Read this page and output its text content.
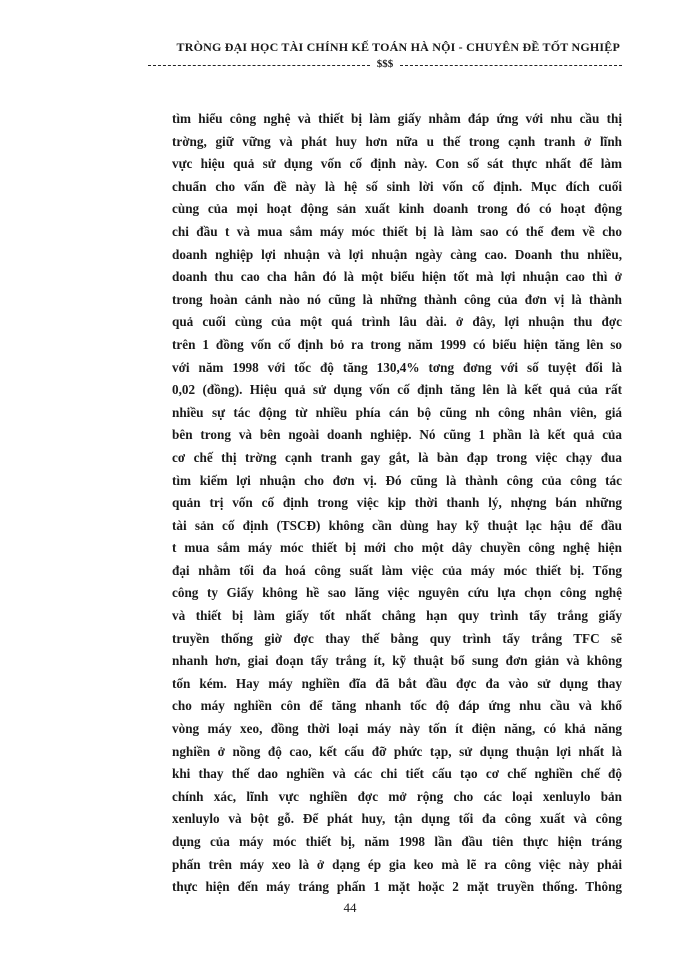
TRÒNG ĐẠI HỌC TÀI CHÍNH KẾ TOÁN HÀ NỘI - CHUYÊN ĐỀ TỐT NGHIỆP
$$$
tìm hiểu công nghệ và thiết bị làm giấy nhằm đáp ứng với nhu cầu thị
trờng, giữ vững và phát huy hơn nữa u thế trong cạnh tranh ở lĩnh
vực hiệu quả sử dụng vốn cố định này. Con số sát thực nhất để làm
chuẩn cho vấn đề này là hệ số sinh lời vốn cố định. Mục đích cuối
cùng của mọi hoạt động sản xuất kinh doanh trong đó có hoạt động
chi đầu t và mua sắm máy móc thiết bị là làm sao có thể đem về cho
doanh nghiệp lợi nhuận và lợi nhuận ngày càng cao. Doanh thu nhiều,
doanh thu cao cha hẳn đó là một biểu hiện tốt mà lợi nhuận cao thì ở
trong hoàn cảnh nào nó cũng là những thành công của đơn vị là thành
quả cuối cùng của một quá trình lâu dài. ở đây, lợi nhuận thu đợc
trên 1 đồng vốn cố định bỏ ra trong năm 1999 có biểu hiện tăng lên so
với năm 1998 với tốc độ tăng 130,4% tơng đơng với số tuyệt đối là
0,02 (đồng). Hiệu quả sử dụng vốn cố định tăng lên là kết quả của rất
nhiều sự tác động từ nhiều phía cán bộ cũng nh công nhân viên, giá
bên trong và bên ngoài doanh nghiệp. Nó cũng 1 phần là kết quả của
cơ chế thị trờng cạnh tranh gay gắt, là bàn đạp trong việc chạy đua
tìm kiếm lợi nhuận cho đơn vị. Đó cũng là thành công của công tác
quản trị vốn cố định trong việc kịp thời thanh lý, nhợng bán những
tài sản cố định (TSCĐ) không cần dùng hay kỹ thuật lạc hậu để đầu
t mua sắm máy móc thiết bị mới cho một dây chuyền công nghệ hiện
đại nhằm tối đa hoá công suất làm việc của máy móc thiết bị. Tổng
công ty Giấy không hề sao lãng việc nguyên cứu lựa chọn công nghệ
và thiết bị làm giấy tốt nhất chẳng hạn quy trình tẩy trắng giấy
truyền thống giờ đợc thay thế bằng quy trình tẩy trắng TFC sẽ
nhanh hơn, giai đoạn tẩy trắng ít, kỹ thuật bổ sung đơn giản và không
tốn kém. Hay máy nghiền đĩa đã bắt đầu đợc đa vào sử dụng thay
cho máy nghiền côn để tăng nhanh tốc độ đáp ứng nhu cầu và khổ
vòng máy xeo, đồng thời loại máy này tốn ít điện năng, có khả năng
nghiền ở nồng độ cao, kết cấu đỡ phức tạp, sử dụng thuận lợi nhất là
khi thay thế dao nghiền và các chi tiết cấu tạo cơ chế nghiền chế độ
chính xác, lĩnh vực nghiền đợc mở rộng cho các loại xenluylo bản
xenluylo và bột gỗ. Để phát huy, tận dụng tối đa công xuất và công
dụng của máy móc thiết bị, năm 1998 lần đầu tiên thực hiện tráng
phấn trên máy xeo là ở dạng ép gia keo mà lẽ ra công việc này phải
thực hiện đến máy tráng phấn 1 mặt hoặc 2 mặt truyền thống. Thông
44
